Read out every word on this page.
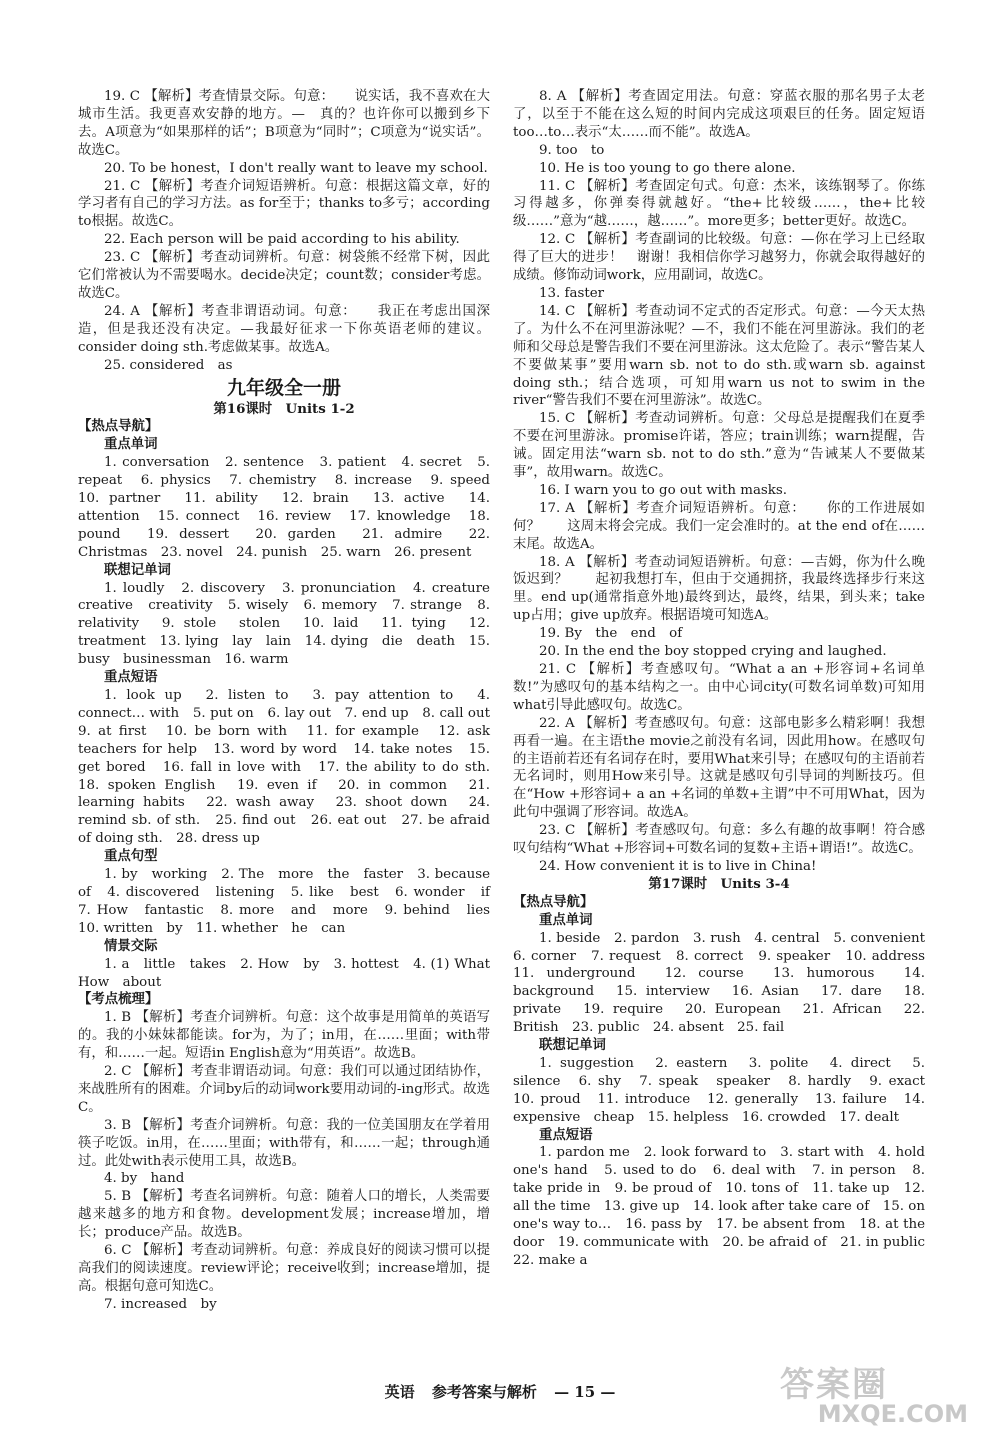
19. C 【解析】考查情景交际。句意：　　说实话，我不喜欢在大城市生活。我更喜欢安静的地方。—　真的？也许你可以搬到乡下去。A项意为“如果那样的话”；B项意为“同时”；C项意为“说实话”。故选C。

20. To be honest，I don't really want to leave my school.

21. C 【解析】考查介词短语辨析。句意：根据这篇文章，好的学习者有自己的学习方法。as for至于；thanks to多亏；according to根据。故选C。

22. Each person will be paid according to his ability.

23. C 【解析】考查动词辨析。句意：树袋熊不经常下树，因此它们常被认为不需要喝水。decide决定；count数；consider考虑。故选C。

24. A 【解析】考查非谓语动词。句意：　　我正在考虑出国深造，但是我还没有决定。—我最好征求一下你英语老师的建议。consider doing sth.考虑做某事。故选A。

25. considered　as

九年级全一册

第16课时　Units 1-2

【热点导航】

重点单词

1. conversation　2. sentence　3. patient　4. secret　5. repeat　6. physics　7. chemistry　8. increase　9. speed　10. partner　11. ability　12. brain　13. active　14. attention　15. connect　16. review　17. knowledge　18. pound　19. dessert　20. garden　21. admire　22. Christmas　23. novel　24. punish　25. warn　26. present

联想记单词

1. loudly　2. discovery　3. pronunciation　4. creature　creative　creativity　5. wisely　6. memory　7. strange　8. relativity　9. stole　stolen　10. laid　11. tying　12. treatment　13. lying　lay　lain　14. dying　die　death　15. busy　businessman　16. warm

重点短语

1. look up　2. listen to　3. pay attention to　4. connect… with　5. put on　6. lay out　7. end up　8. call out　9. at first　10. be born with　11. for example　12. ask teachers for help　13. word by word　14. take notes　15. get bored　16. fall in love with　17. the ability to do sth.　18. spoken English　19. even if　20. in common　21. learning habits　22. wash away　23. shoot down　24. remind sb. of sth.　25. find out　26. eat out　27. be afraid of doing sth.　28. dress up

重点句型

1. by　working　2. The　more　the　faster　3. because of　4. discovered　listening　5. like　best　6. wonder　if　7. How　fantastic　8. more　and　more　9. behind　lies　10. written　by　11. whether　he　can

情景交际

1. a　little　takes　2. How　by　3. hottest　4. (1) What　How　about

【考点梳理】

1. B 【解析】考查介词辨析。句意：这个故事是用简单的英语写的。我的小妹妹都能读。for为，为了；in用，在……里面；with带有，和……一起。短语in English意为“用英语”。故选B。

2. C 【解析】考查非谓语动词。句意：我们可以通过团结协作，来战胜所有的困难。介词by后的动词work要用动词的-ing形式。故选C。

3. B 【解析】考查介词辨析。句意：我的一位美国朋友在学着用筷子吃饭。in用，在……里面；with带有，和……一起；through通过。此处with表示使用工具，故选B。

4. by　hand

5. B 【解析】考查名词辨析。句意：随着人口的增长，人类需要越来越多的地方和食物。development发展；increase增加，增长；produce产品。故选B。

6. C 【解析】考查动词辨析。句意：养成良好的阅读习惯可以提高我们的阅读速度。review评论；receive收到；increase增加，提高。根据句意可知选C。

7. increased　by

8. A 【解析】考查固定用法。句意：穿蓝衣服的那名男子太老了，以至于不能在这么短的时间内完成这项艰巨的任务。固定短语too…to…表示“太……而不能”。故选A。

9. too　to

10. He is too young to go there alone.

11. C 【解析】考查固定句式。句意：杰米，该练钢琴了。你练习得越多，你弹奏得就越好。“the+比较级……，the+比较级……”意为“越……，越……”。more更多；better更好。故选C。

12. C 【解析】考查副词的比较级。句意：—你在学习上已经取得了巨大的进步！　谢谢！我相信你学习越努力，你就会取得越好的成绩。修饰动词work，应用副词，故选C。

13. faster

14. C 【解析】考查动词不定式的否定形式。句意：—今天太热了。为什么不在河里游泳呢？—不，我们不能在河里游泳。我们的老师和父母总是警告我们不要在河里游泳。这太危险了。表示“警告某人不要做某事”要用warn sb. not to do sth.或warn sb. against doing sth.；结合选项，可知用warn us not to swim in the river“警告我们不要在河里游泳”。故选C。

15. C 【解析】考查动词辨析。句意：父母总是提醒我们在夏季不要在河里游泳。promise许诺，答应；train训练；warn提醒，告诫。固定用法“warn sb. not to do sth.”意为“告诫某人不要做某事”，故用warn。故选C。

16. I warn you to go out with masks.

17. A 【解析】考查介词短语辨析。句意：　　你的工作进展如何？　　这周末将会完成。我们一定会准时的。at the end of在……末尾。故选A。

18. A 【解析】考查动词短语辨析。句意：—吉姆，你为什么晚饭迟到？　　起初我想打车，但由于交通拥挤，我最终选择步行来这里。end up(通常指意外地)最终到达，最终，结果，到头来；take up占用；give up放弃。根据语境可知选A。

19. By　the　end　of

20. In the end the boy stopped crying and laughed.

21. C 【解析】考查感叹句。“What a an +形容词+名词单数!”为感叹句的基本结构之一。由中心词city(可数名词单数)可知用what引导此感叹句。故选C。

22. A 【解析】考查感叹句。句意：这部电影多么精彩啊！我想再看一遍。在主语the movie之前没有名词，因此用how。在感叹句的主语前若还有名词存在时，要用What来引导；在感叹句的主语前若无名词时，则用How来引导。这就是感叹句引导词的判断技巧。但在“How +形容词+ a an +名词的单数+主谓”中不可用What，因为此句中强调了形容词。故选A。

23. C 【解析】考查感叹句。句意：多么有趣的故事啊！符合感叹句结构“What +形容词+可数名词的复数+主语+谓语!”。故选C。

24. How convenient it is to live in China!

第17课时　Units 3-4

【热点导航】

重点单词

1. beside　2. pardon　3. rush　4. central　5. convenient　6. corner　7. request　8. correct　9. speaker　10. address　11. underground　12. course　13. humorous　14. background　15. interview　16. Asian　17. dare　18. private　19. require　20. European　21. African　22. British　23. public　24. absent　25. fail

联想记单词

1. suggestion　2. eastern　3. polite　4. direct　5. silence　6. shy　7. speak　speaker　8. hardly　9. exact　10. proud　11. introduce　12. generally　13. failure　14. expensive　cheap　15. helpless　16. crowded　17. dealt

重点短语

1. pardon me　2. look forward to　3. start with　4. hold one's hand　5. used to do　6. deal with　7. in person　8. take pride in　9. be proud of　10. tons of　11. take up　12. all the time　13. give up　14. look after take care of　15. on one's way to…　16. pass by　17. be absent from　18. at the door　19. communicate with　20. be afraid of　21. in public　22. make a

英语 参考答案与解析 — 15 —	答案圈
MXQE.COM
